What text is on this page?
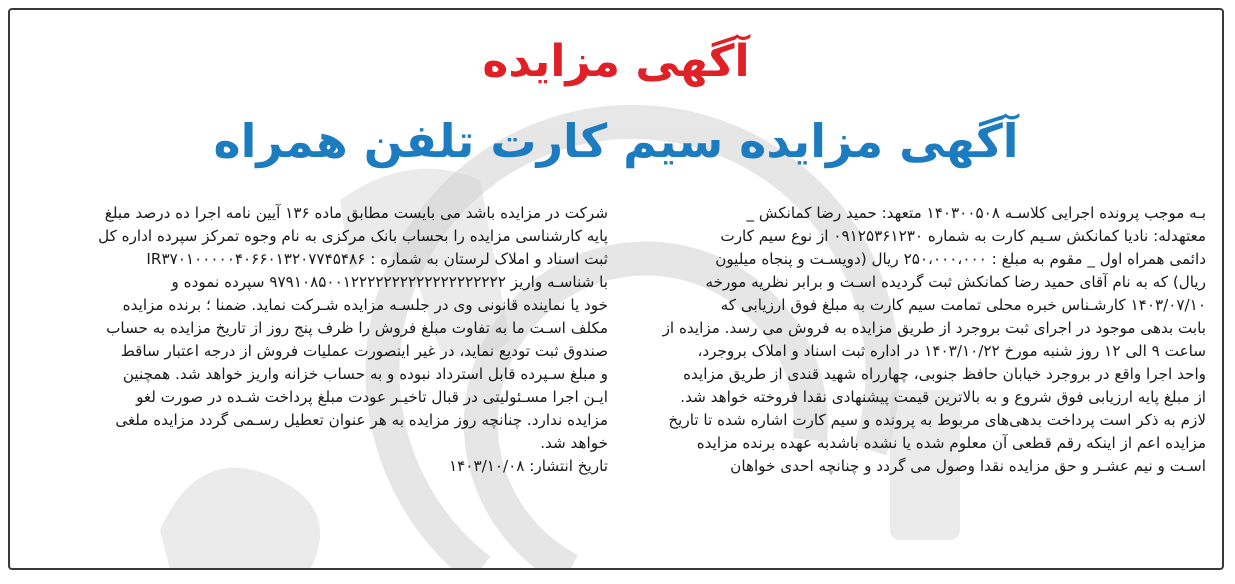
آگهی مزایده
آگهی مزایده سیم کارت تلفن همراه
بـه موجب پرونده اجرایی کلاسـه ۱۴۰۳۰۰۵۰۸ متعهد: حمید رضا کمانکش _
معتهدله: نادیا کمانکش سـیم کارت به شماره ۰۹۱۲۵۳۶۱۲۳۰ از نوع سیم کارت
دائمی همراه اول _ مقوم به مبلغ : ۲۵۰،۰۰۰،۰۰۰ ریال (دویسـت و پنجاه میلیون
ریال) که به نام آقای حمید رضا کمانکش ثبت گردیده اسـت و برابر نظریه مورخه
۱۴۰۳/۰۷/۱۰ کارشـناس خبره محلی تمامت سیم کارت به مبلغ فوق ارزیابی که
بابت بدهی موجود در اجرای ثبت بروجرد از طریق مزایده به فروش می رسد. مزایده از
ساعت ۹ الی ۱۲ روز شنبه مورخ ۱۴۰۳/۱۰/۲۲ در اداره ثبت اسناد و املاک بروجرد،
واحد اجرا واقع در بروجرد خیابان حافظ جنوبی، چهارراه شهید قندی از طریق مزایده
از مبلغ پایه ارزیابی فوق شروع و به بالاترین قیمت پیشنهادی نقدا فروخته خواهد شد.
لازم به ذکر است پرداخت بدهی‌های مربوط به پرونده و سیم کارت اشاره شده تا تاریخ
مزایده اعم از اینکه رقم قطعی آن معلوم شده یا نشده باشدبه عهده برنده مزایده
اسـت و نیم عشـر و حق مزایده نقدا وصول می گردد و چنانچه احدی خواهان
شرکت در مزایده باشد می بایست مطابق ماده ۱۳۶ آیین نامه اجرا ده درصد مبلغ
پایه کارشناسی مزایده را بحساب بانک مرکزی به نام وجوه تمرکز سپرده اداره کل
ثبت اسناد و املاک لرستان به شماره : IR۳۷۰۱۰۰۰۰۰۴۰۶۶۰۱۳۲۰۷۷۴۵۴۸۶
با شناسـه واریز ۹۷۹۱۰۸۵۰۰۱۲۲۲۲۲۲۲۲۲۲۲۲۲۲۲۲۲۲۲ سپرده نموده و
خود یا نماینده قانونی وی در جلسـه مزایده شـرکت نماید. ضمنا ؛ برنده مزایده
مکلف اسـت ما به تفاوت مبلغ فروش را ظرف پنج روز از تاریخ مزایده به حساب
صندوق ثبت تودیع نماید، در غیر اینصورت عملیات فروش از درجه اعتبار ساقط
و مبلغ سـپرده قابل استرداد نبوده و به حساب خزانه واریز خواهد شد. همچنین
ایـن اجرا مسـئولیتی در قبال تاخیـر عودت مبلغ پرداخت شـده در صورت لغو
مزایده ندارد. چنانچه روز مزایده به هر عنوان تعطیل رسـمی گردد مزایده ملغی
خواهد شد.
تاریخ انتشار: ۱۴۰۳/۱۰/۰۸
